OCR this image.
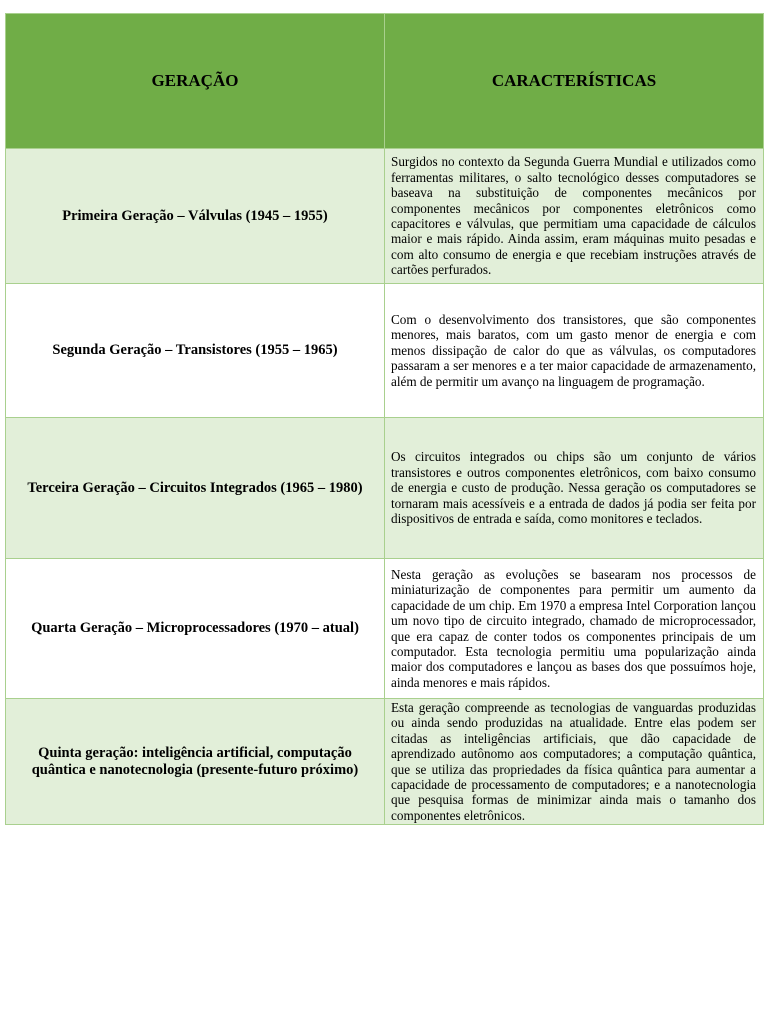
GERAÇÃO	CARACTERÍSTICAS
Primeira Geração – Válvulas (1945 – 1955)	Surgidos no contexto da Segunda Guerra Mundial e utilizados como ferramentas militares, o salto tecnológico desses computadores se baseava na substituição de componentes mecânicos por componentes mecânicos por componentes eletrônicos como capacitores e válvulas, que permitiam uma capacidade de cálculos maior e mais rápido. Ainda assim, eram máquinas muito pesadas e com alto consumo de energia e que recebiam instruções através de cartões perfurados.
Segunda Geração – Transistores (1955 – 1965)	Com o desenvolvimento dos transistores, que são componentes menores, mais baratos, com um gasto menor de energia e com menos dissipação de calor do que as válvulas, os computadores passaram a ser menores e a ter maior capacidade de armazenamento, além de permitir um avanço na linguagem de programação.
Terceira Geração – Circuitos Integrados (1965 – 1980)	Os circuitos integrados ou chips são um conjunto de vários transistores e outros componentes eletrônicos, com baixo consumo de energia e custo de produção. Nessa geração os computadores se tornaram mais acessíveis e a entrada de dados já podia ser feita por dispositivos de entrada e saída, como monitores e teclados.
Quarta Geração – Microprocessadores (1970 – atual)	Nesta geração as evoluções se basearam nos processos de miniaturização de componentes para permitir um aumento da capacidade de um chip. Em 1970 a empresa Intel Corporation lançou um novo tipo de circuito integrado, chamado de microprocessador, que era capaz de conter todos os componentes principais de um computador. Esta tecnologia permitiu uma popularização ainda maior dos computadores e lançou as bases dos que possuímos hoje, ainda menores e mais rápidos.
Quinta geração: inteligência artificial, computação quântica e nanotecnologia (presente-futuro próximo)	Esta geração compreende as tecnologias de vanguardas produzidas ou ainda sendo produzidas na atualidade. Entre elas podem ser citadas as inteligências artificiais, que dão capacidade de aprendizado autônomo aos computadores; a computação quântica, que se utiliza das propriedades da física quântica para aumentar a capacidade de processamento de computadores; e a nanotecnologia que pesquisa formas de minimizar ainda mais o tamanho dos componentes eletrônicos.
